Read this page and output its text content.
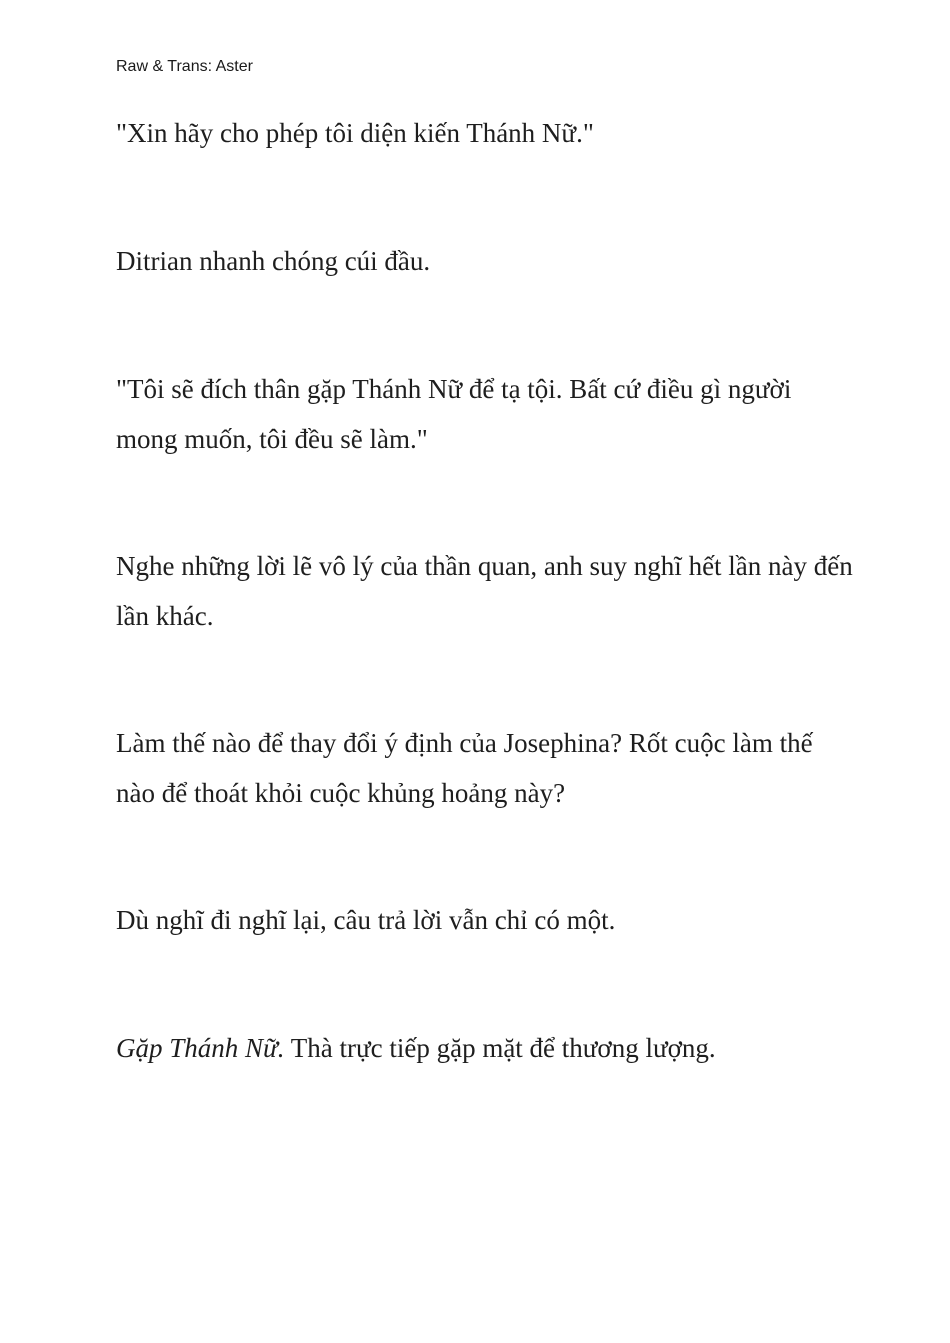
Raw & Trans: Aster

"Xin hãy cho phép tôi diện kiến Thánh Nữ."

Ditrian nhanh chóng cúi đầu.

"Tôi sẽ đích thân gặp Thánh Nữ để tạ tội. Bất cứ điều gì người mong muốn, tôi đều sẽ làm."

Nghe những lời lẽ vô lý của thần quan, anh suy nghĩ hết lần này đến lần khác.

Làm thế nào để thay đổi ý định của Josephina? Rốt cuộc làm thế nào để thoát khỏi cuộc khủng hoảng này?

Dù nghĩ đi nghĩ lại, câu trả lời vẫn chỉ có một.

Gặp Thánh Nữ. Thà trực tiếp gặp mặt để thương lượng.
